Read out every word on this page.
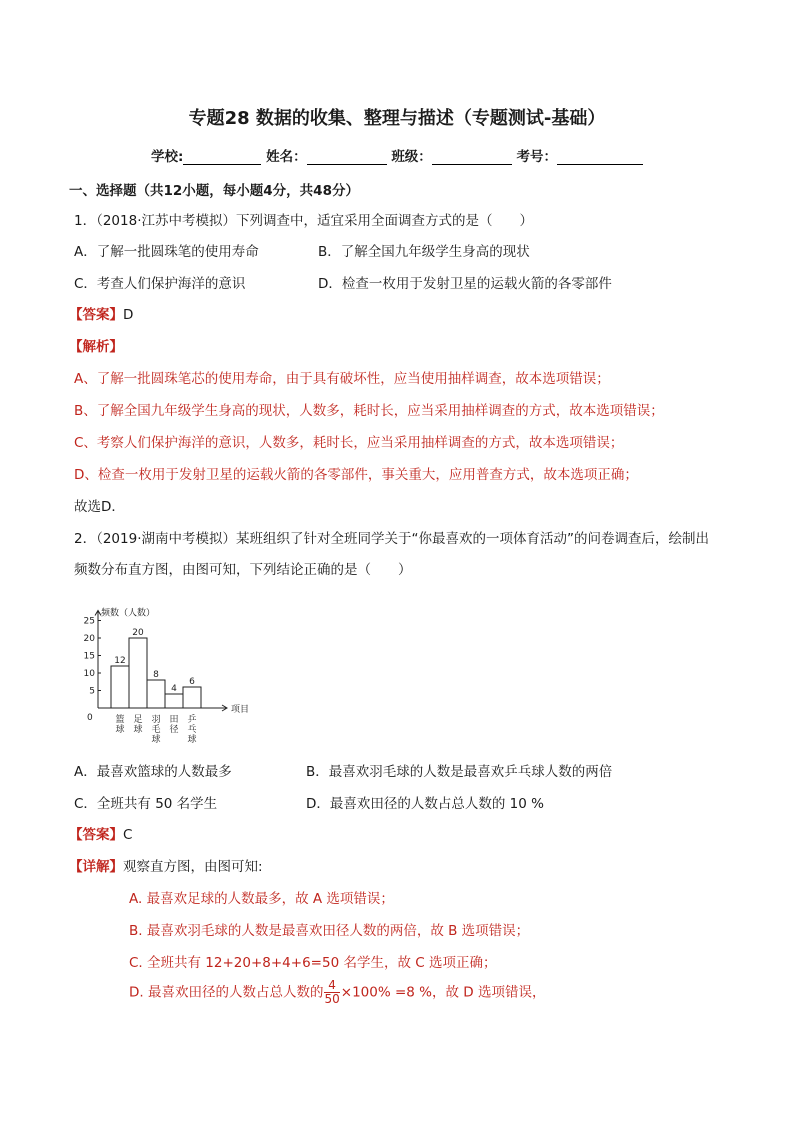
专题28 数据的收集、整理与描述（专题测试-基础）
学校:	姓名：	班级：	考号：
一、选择题（共12小题，每小题4分，共48分）
1．（2018·江苏中考模拟）下列调查中，适宜采用全面调查方式的是（　　）
A．了解一批圆珠笔的使用寿命	B．了解全国九年级学生身高的现状
C．考查人们保护海洋的意识	D．检查一枚用于发射卫星的运载火箭的各零部件
【答案】D
【解析】
A、了解一批圆珠笔芯的使用寿命，由于具有破坏性，应当使用抽样调查，故本选项错误；
B、了解全国九年级学生身高的现状，人数多，耗时长，应当采用抽样调查的方式，故本选项错误；
C、考察人们保护海洋的意识，人数多，耗时长，应当采用抽样调查的方式，故本选项错误；
D、检查一枚用于发射卫星的运载火箭的各零部件，事关重大，应用普查方式，故本选项正确；
故选D．
2．（2019·湖南中考模拟）某班组织了针对全班同学关于“你最喜欢的一项体育活动”的问卷调查后，绘制出
频数分布直方图，由图可知，下列结论正确的是（　　）
频数（人数）
项目
0
5
10
15
20
25
12
篮球
20
足球
8
羽毛球
4
田径
6
乒乓球
A．最喜欢篮球的人数最多	B．最喜欢羽毛球的人数是最喜欢乒乓球人数的两倍
C．全班共有 50 名学生	D．最喜欢田径的人数占总人数的 10 %
【答案】C
【详解】观察直方图，由图可知:
A. 最喜欢足球的人数最多，故 A 选项错误；
B. 最喜欢羽毛球的人数是最喜欢田径人数的两倍，故 B 选项错误；
C. 全班共有 12+20+8+4+6=50 名学生，故 C 选项正确；
D. 最喜欢田径的人数占总人数的 $\frac{4}{50} \times 100\% =8$ %，故 D 选项错误，
